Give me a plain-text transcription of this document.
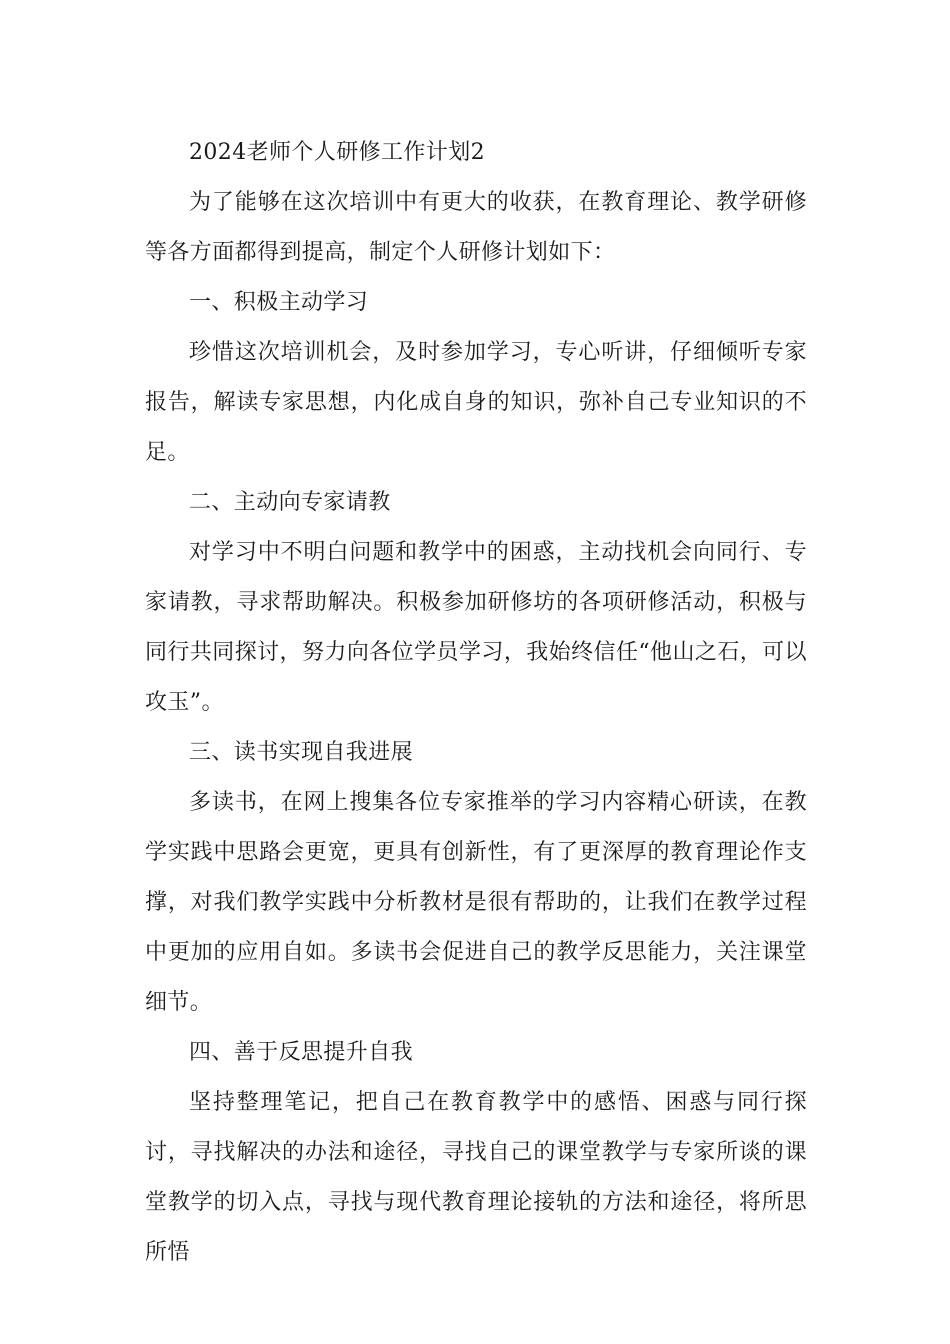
2024老师个人研修工作计划2

为了能够在这次培训中有更大的收获，在教育理论、教学研修等各方面都得到提高，制定个人研修计划如下：

一、积极主动学习

珍惜这次培训机会，及时参加学习，专心听讲，仔细倾听专家报告，解读专家思想，内化成自身的知识，弥补自己专业知识的不足。

二、主动向专家请教

对学习中不明白问题和教学中的困惑，主动找机会向同行、专家请教，寻求帮助解决。积极参加研修坊的各项研修活动，积极与同行共同探讨，努力向各位学员学习，我始终信任“他山之石，可以攻玉”。

三、读书实现自我进展

多读书，在网上搜集各位专家推举的学习内容精心研读，在教学实践中思路会更宽，更具有创新性，有了更深厚的教育理论作支撑，对我们教学实践中分析教材是很有帮助的，让我们在教学过程中更加的应用自如。多读书会促进自己的教学反思能力，关注课堂细节。

四、善于反思提升自我

坚持整理笔记，把自己在教育教学中的感悟、困惑与同行探讨，寻找解决的办法和途径，寻找自己的课堂教学与专家所谈的课堂教学的切入点，寻找与现代教育理论接轨的方法和途径，将所思所悟
